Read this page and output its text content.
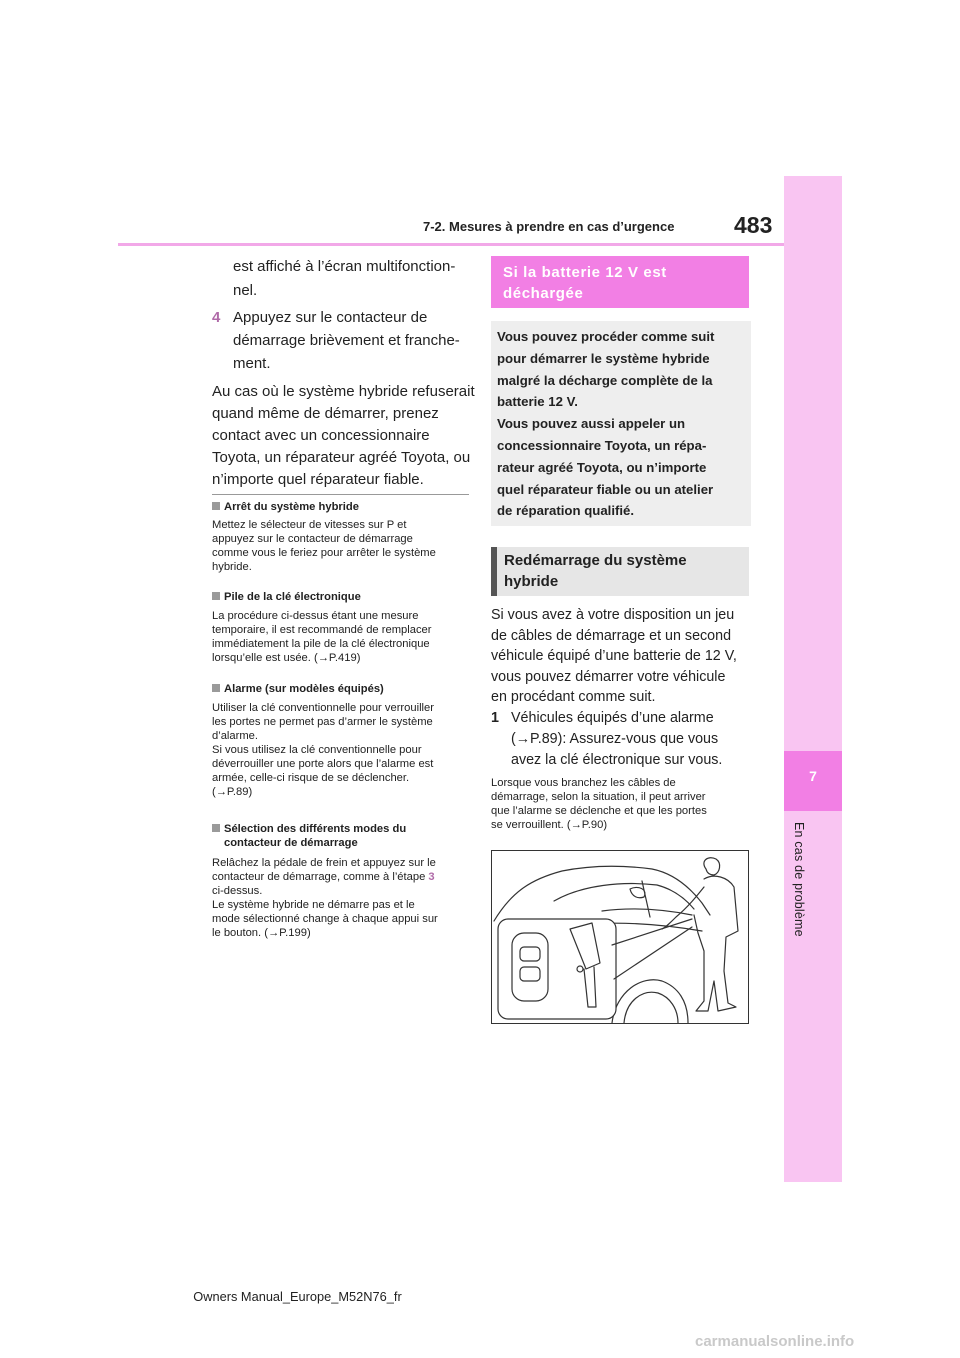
7-2. Mesures à prendre en cas d’urgence	483
7
En cas de problème
est affiché à l’écran multifonction-
nel.
4 Appuyez sur le contacteur de
démarrage brièvement et franche-
ment.
Au cas où le système hybride refuserait
quand même de démarrer, prenez
contact avec un concessionnaire
Toyota, un réparateur agréé Toyota, ou
n’importe quel réparateur fiable.
Arrêt du système hybride
Mettez le sélecteur de vitesses sur P et
appuyez sur le contacteur de démarrage
comme vous le feriez pour arrêter le système
hybride.
Pile de la clé électronique
La procédure ci-dessus étant une mesure
temporaire, il est recommandé de remplacer
immédiatement la pile de la clé électronique
lorsqu’elle est usée. (→P.419)
Alarme (sur modèles équipés)
Utiliser la clé conventionnelle pour verrouiller
les portes ne permet pas d’armer le système
d’alarme.
Si vous utilisez la clé conventionnelle pour
déverrouiller une porte alors que l’alarme est
armée, celle-ci risque de se déclencher.
(→P.89)
Sélection des différents modes du
contacteur de démarrage
Relâchez la pédale de frein et appuyez sur le
contacteur de démarrage, comme à l’étape 3
ci-dessus.
Le système hybride ne démarre pas et le
mode sélectionné change à chaque appui sur
le bouton. (→P.199)
Si la batterie 12 V est
déchargée
Vous pouvez procéder comme suit
pour démarrer le système hybride
malgré la décharge complète de la
batterie 12 V.
Vous pouvez aussi appeler un
concessionnaire Toyota, un répa-
rateur agréé Toyota, ou n’importe
quel réparateur fiable ou un atelier
de réparation qualifié.
Redémarrage du système
hybride
Si vous avez à votre disposition un jeu
de câbles de démarrage et un second
véhicule équipé d’une batterie de 12 V,
vous pouvez démarrer votre véhicule
en procédant comme suit.
1 Véhicules équipés d’une alarme
(→P.89): Assurez-vous que vous
avez la clé électronique sur vous.
Lorsque vous branchez les câbles de
démarrage, selon la situation, il peut arriver
que l’alarme se déclenche et que les portes
se verrouillent. (→P.90)
Owners Manual_Europe_M52N76_fr
carmanualsonline.info
